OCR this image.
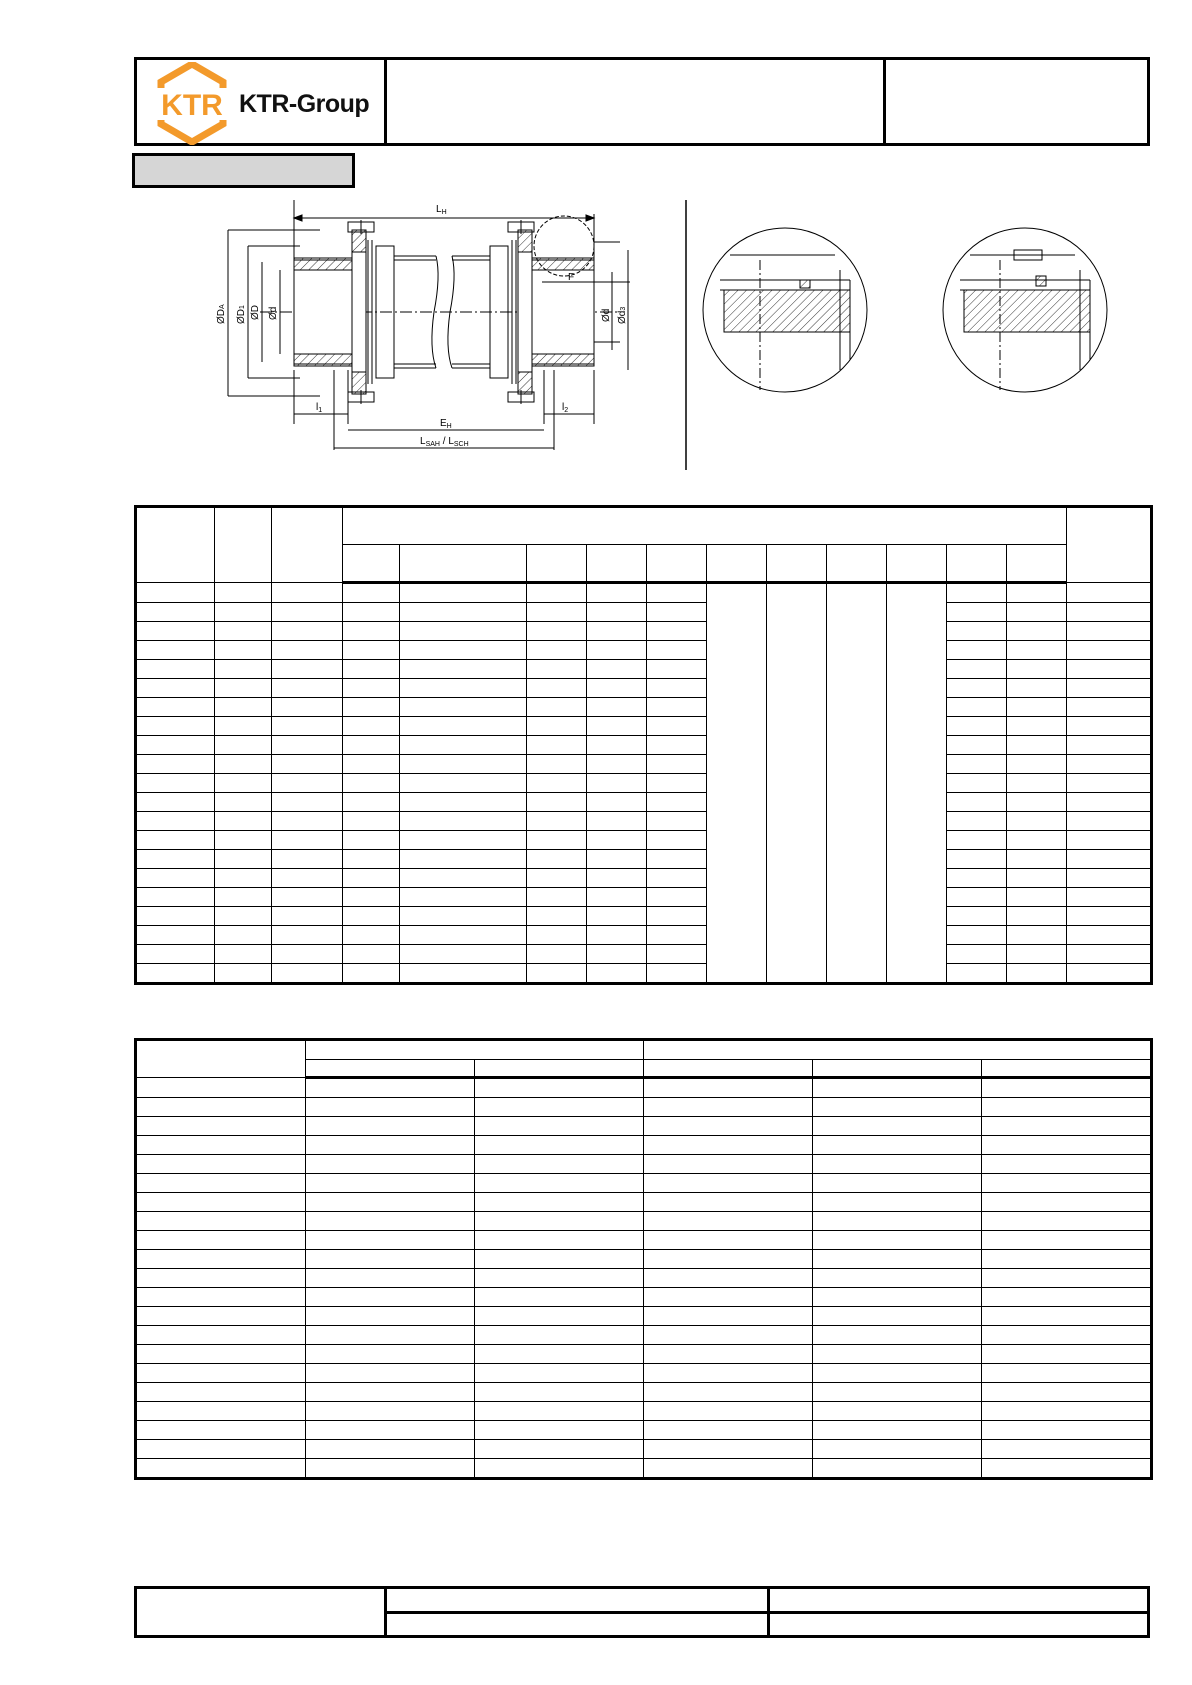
KTR KTR-Group
$L_H$
$E_H$
$l_1$	$l_2$
$L_{SAH} / L_{SCH}$
F
ØDA
ØD1 ØD Ød	Ød Ød3
